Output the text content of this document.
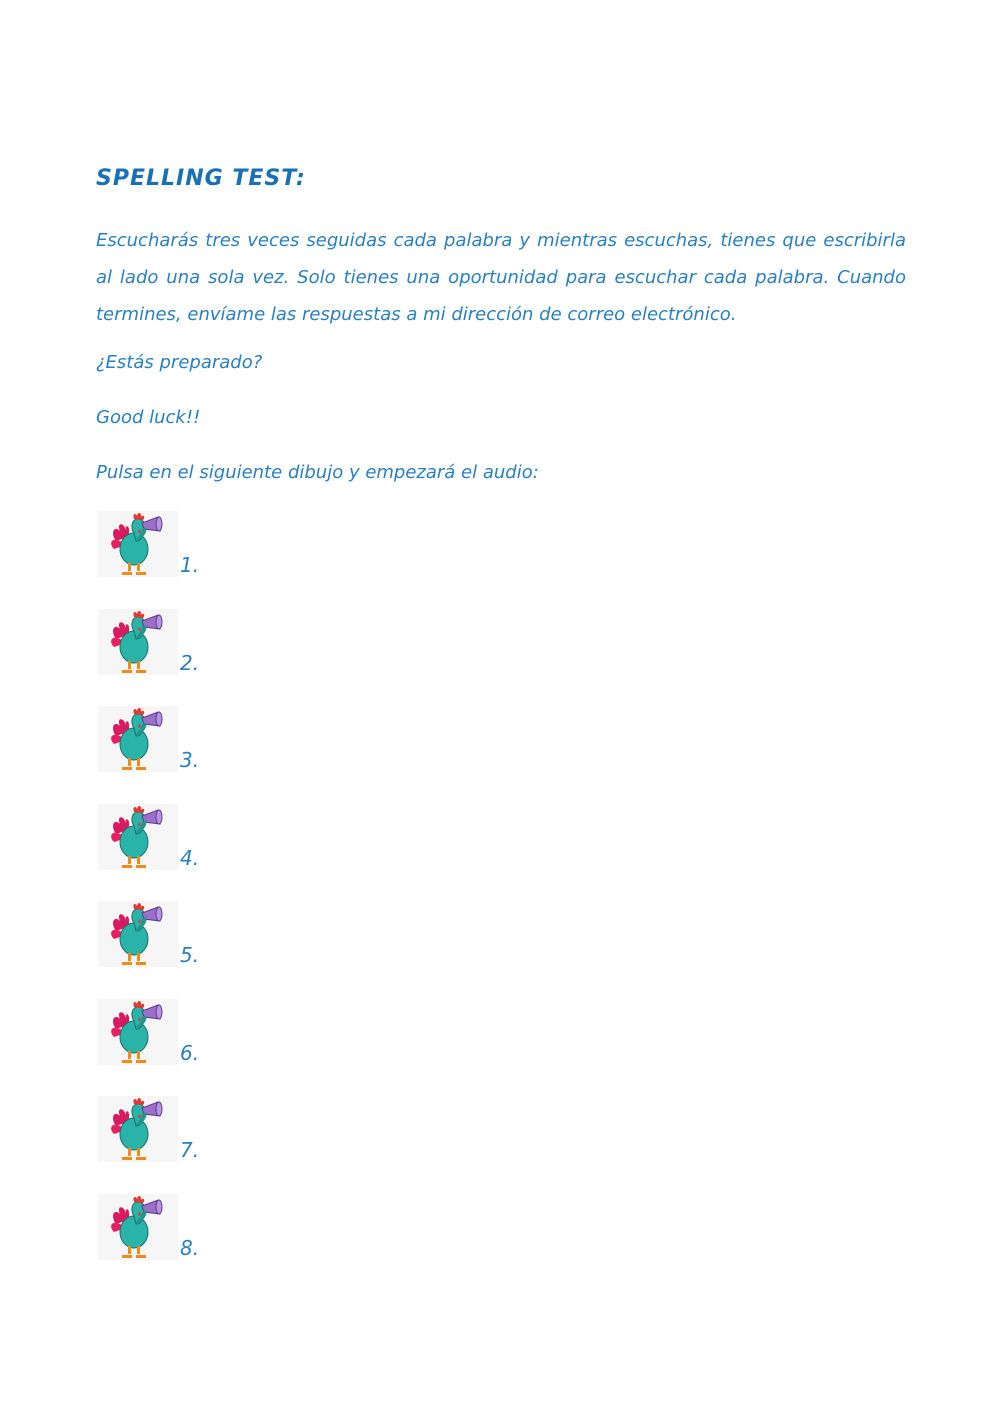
SPELLING TEST:

Escucharás tres veces seguidas cada palabra y mientras escuchas, tienes que escribirla al lado una sola vez. Solo tienes una oportunidad para escuchar cada palabra. Cuando termines, envíame las respuestas a mi dirección de correo electrónico.

¿Estás preparado?

Good luck!!

Pulsa en el siguiente dibujo y empezará el audio:

1.
2.
3.
4.
5.
6.
7.
8.
